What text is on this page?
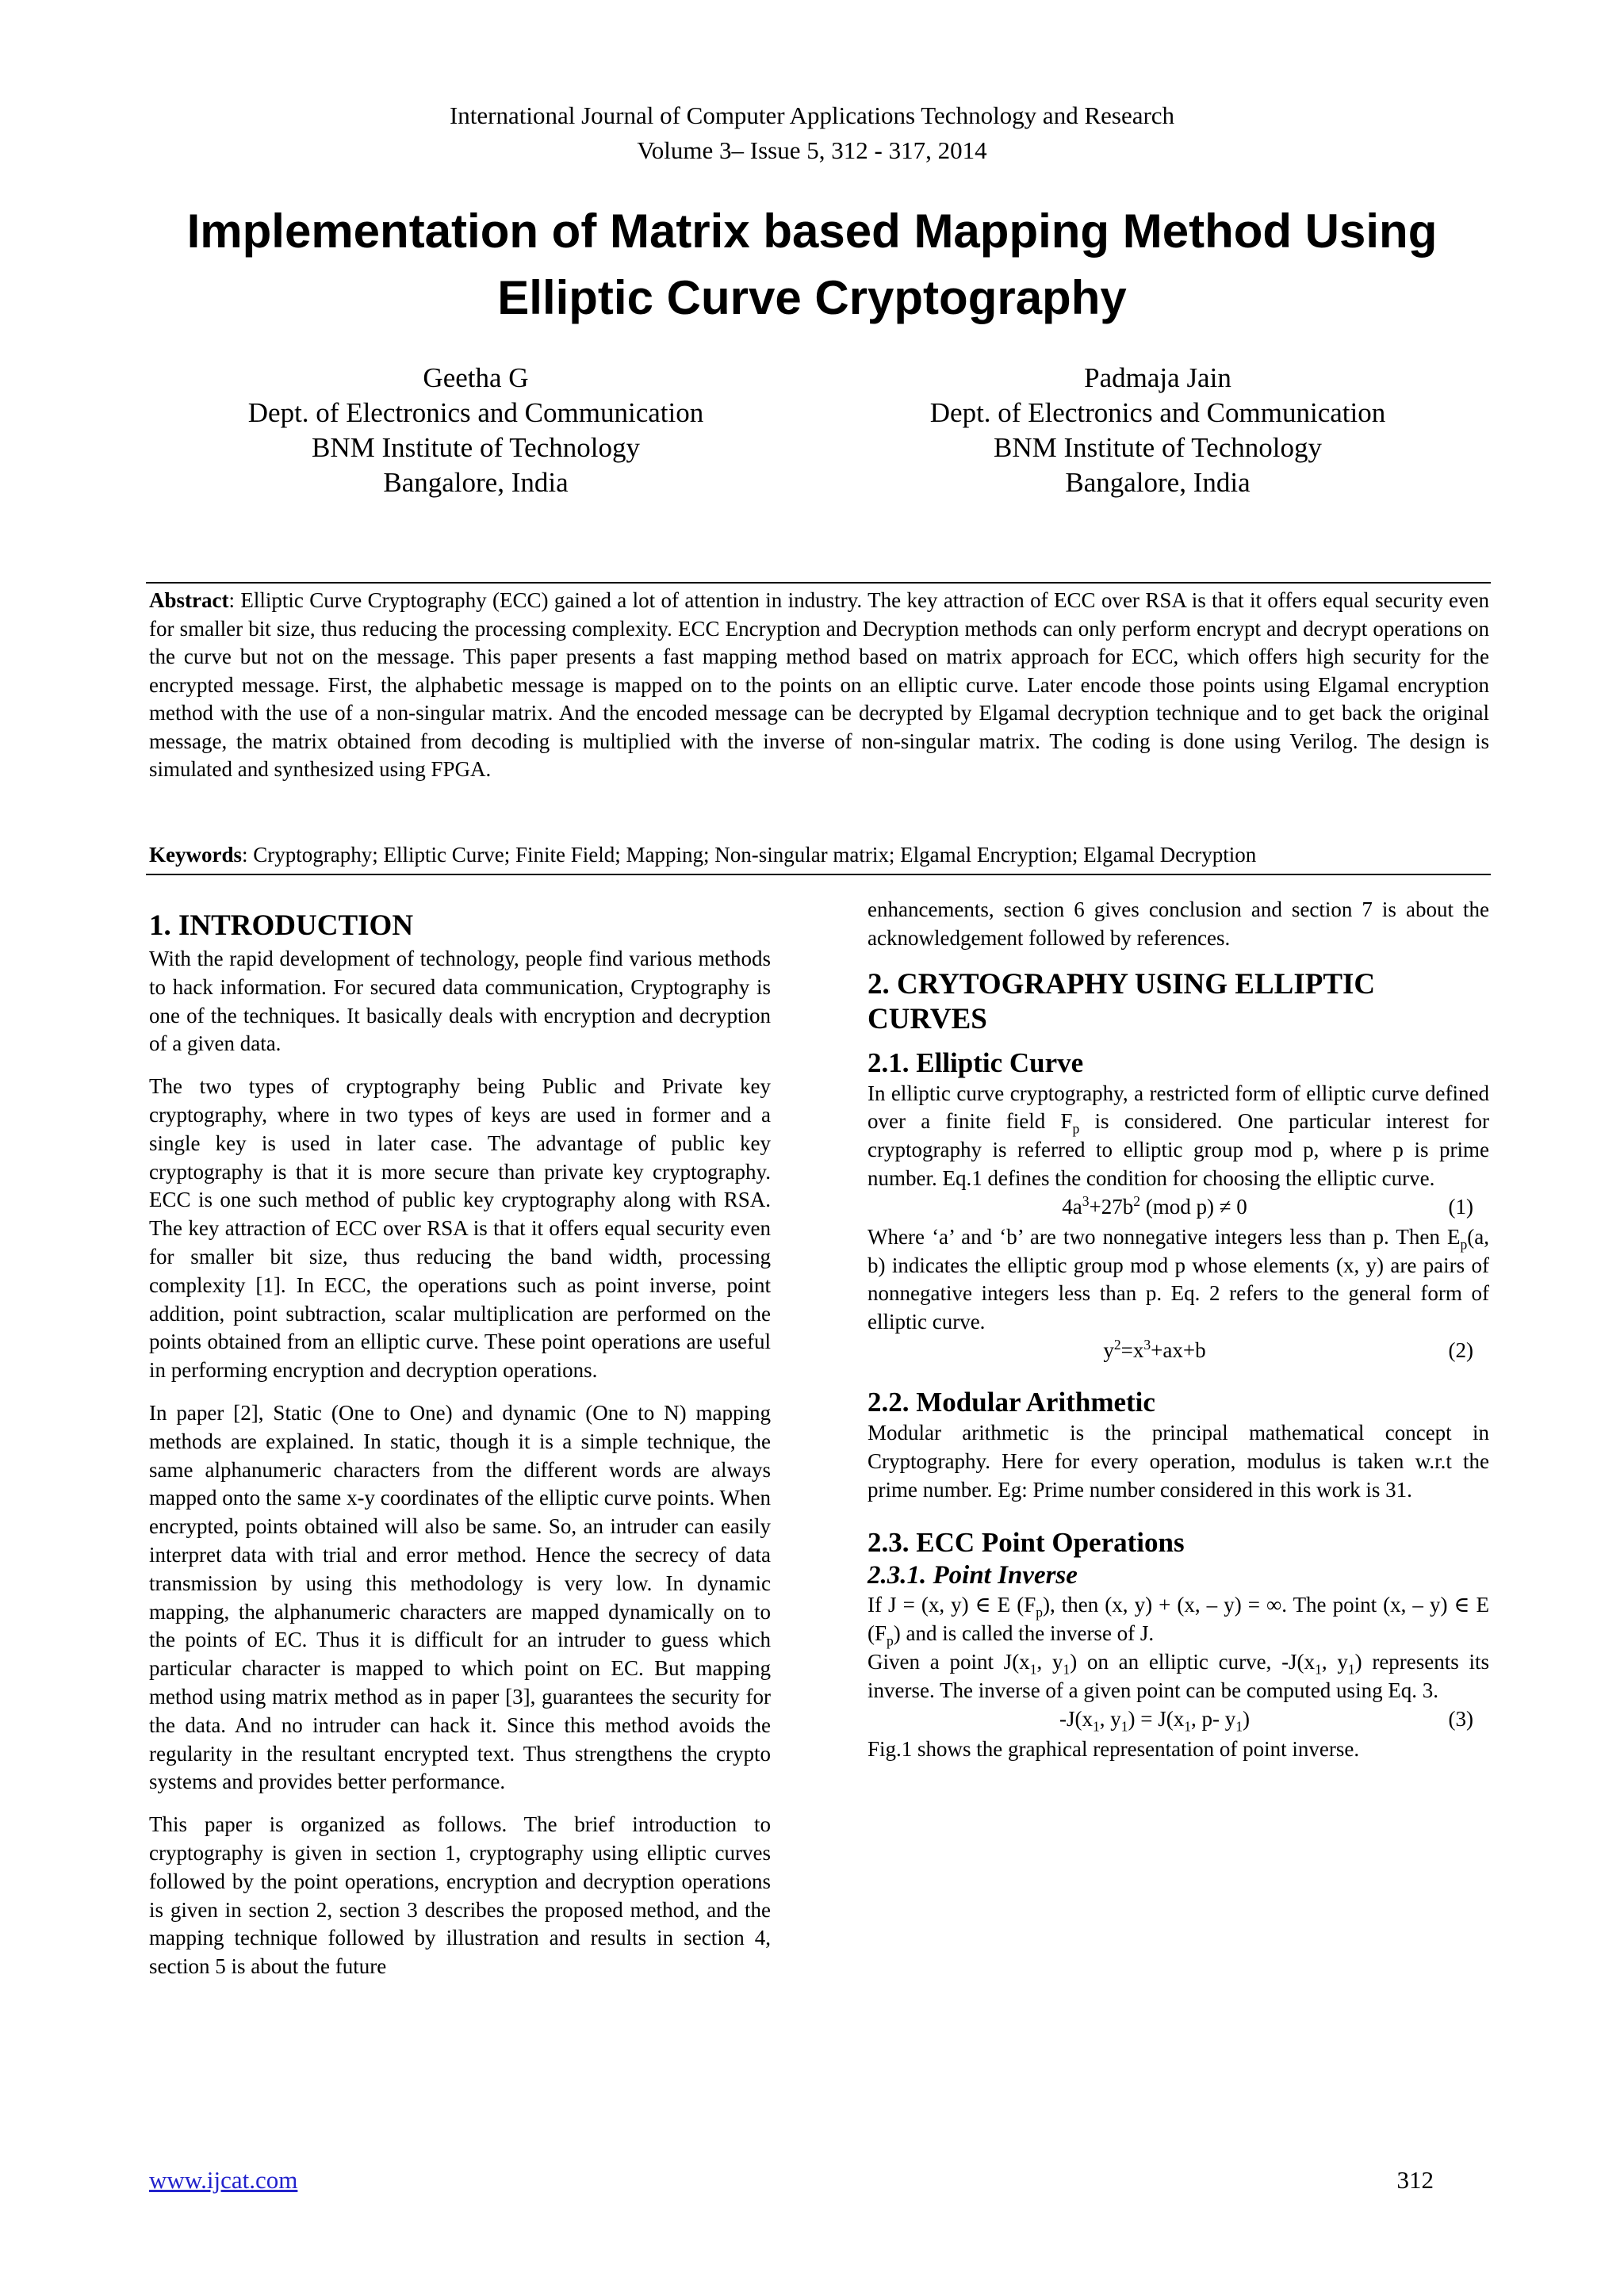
International Journal of Computer Applications Technology and Research
Volume 3– Issue 5, 312 - 317, 2014
Implementation of Matrix based Mapping Method Using
Elliptic Curve Cryptography
Geetha G
Dept. of Electronics and Communication
BNM Institute of Technology
Bangalore, India
Padmaja Jain
Dept. of Electronics and Communication
BNM Institute of Technology
Bangalore, India

Abstract: Elliptic Curve Cryptography (ECC) gained a lot of attention in industry. The key attraction of ECC over RSA is that it offers equal security even for smaller bit size, thus reducing the processing complexity. ECC Encryption and Decryption methods can only perform encrypt and decrypt operations on the curve but not on the message. This paper presents a fast mapping method based on matrix approach for ECC, which offers high security for the encrypted message. First, the alphabetic message is mapped on to the points on an elliptic curve. Later encode those points using Elgamal encryption method with the use of a non-singular matrix. And the encoded message can be decrypted by Elgamal decryption technique and to get back the original message, the matrix obtained from decoding is multiplied with the inverse of non-singular matrix. The coding is done using Verilog. The design is simulated and synthesized using FPGA.

Keywords: Cryptography; Elliptic Curve; Finite Field; Mapping; Non-singular matrix; Elgamal Encryption; Elgamal Decryption

1. INTRODUCTION

With the rapid development of technology, people find various methods to hack information. For secured data communication, Cryptography is one of the techniques. It basically deals with encryption and decryption of a given data.

The two types of cryptography being Public and Private key cryptography, where in two types of keys are used in former and a single key is used in later case. The advantage of public key cryptography is that it is more secure than private key cryptography. ECC is one such method of public key cryptography along with RSA. The key attraction of ECC over RSA is that it offers equal security even for smaller bit size, thus reducing the band width, processing complexity [1]. In ECC, the operations such as point inverse, point addition, point subtraction, scalar multiplication are performed on the points obtained from an elliptic curve. These point operations are useful in performing encryption and decryption operations.

In paper [2], Static (One to One) and dynamic (One to N) mapping methods are explained. In static, though it is a simple technique, the same alphanumeric characters from the different words are always mapped onto the same x-y coordinates of the elliptic curve points. When encrypted, points obtained will also be same. So, an intruder can easily interpret data with trial and error method. Hence the secrecy of data transmission by using this methodology is very low. In dynamic mapping, the alphanumeric characters are mapped dynamically on to the points of EC. Thus it is difficult for an intruder to guess which particular character is mapped to which point on EC. But mapping method using matrix method as in paper [3], guarantees the security for the data. And no intruder can hack it. Since this method avoids the regularity in the resultant encrypted text. Thus strengthens the crypto systems and provides better performance.

This paper is organized as follows. The brief introduction to cryptography is given in section 1, cryptography using elliptic curves followed by the point operations, encryption and decryption operations is given in section 2, section 3 describes the proposed method, and the mapping technique followed by illustration and results in section 4, section 5 is about the future

enhancements, section 6 gives conclusion and section 7 is about the acknowledgement followed by references.

2. CRYTOGRAPHY USING ELLIPTIC CURVES
2.1. Elliptic Curve

In elliptic curve cryptography, a restricted form of elliptic curve defined over a finite field $F_p$ is considered. One particular interest for cryptography is referred to elliptic group mod p, where p is prime number. Eq.1 defines the condition for choosing the elliptic curve.

$4a^3+27b^2$ (mod p) ≠ 0	(1)

Where ‘a’ and ‘b’ are two nonnegative integers less than p. Then $E_p(a$, b) indicates the elliptic group mod p whose elements (x, y) are pairs of nonnegative integers less than p. Eq. 2 refers to the general form of elliptic curve.

$y^2=x^3+ax+b$	(2)
2.2. Modular Arithmetic

Modular arithmetic is the principal mathematical concept in Cryptography. Here for every operation, modulus is taken w.r.t the prime number. Eg: Prime number considered in this work is 31.

2.3. ECC Point Operations
2.3.1. Point Inverse

If J = (x, y) ∈ E $(F_p)$, then (x, y) + (x, – y) = ∞. The point (x, – y) ∈ E $(F_p)$ and is called the inverse of J.

Given a point $J(x_1$, $y_1$) on an elliptic curve, $-J(x_1$, $y_1$) represents its inverse. The inverse of a given point can be computed using Eq. 3.

$-J(x_1$, $y_1) = J(x_1$, p- $y_1$)	(3)

Fig.1 shows the graphical representation of point inverse.

www.ijcat.com	312
